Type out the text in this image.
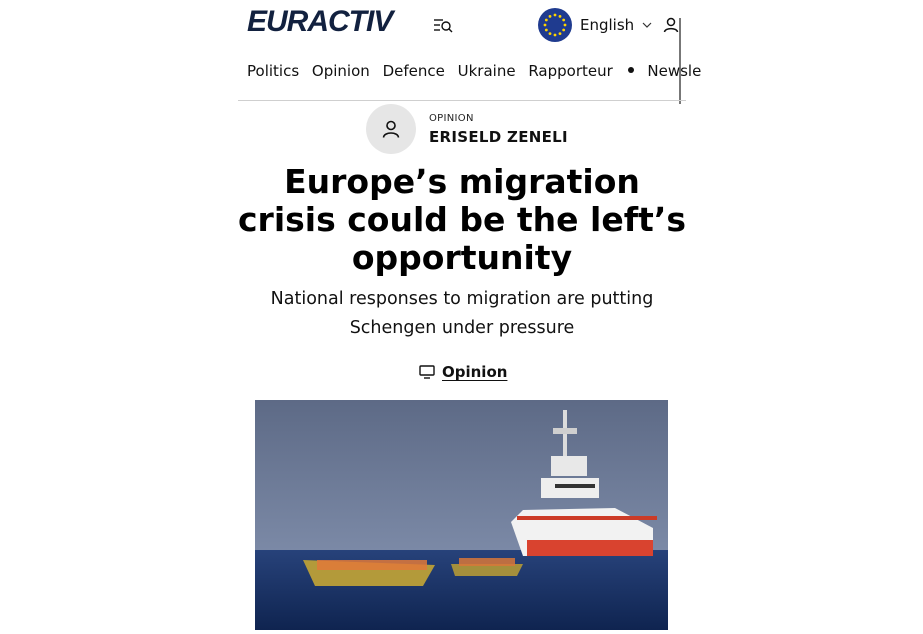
EURACTIV	English
Politics Opinion Defence Ukraine Rapporteur Newsle
OPINION
ERISELD ZENELI
Europe’s migration crisis could be the left’s opportunity

National responses to migration are putting Schengen under pressure

Opinion
